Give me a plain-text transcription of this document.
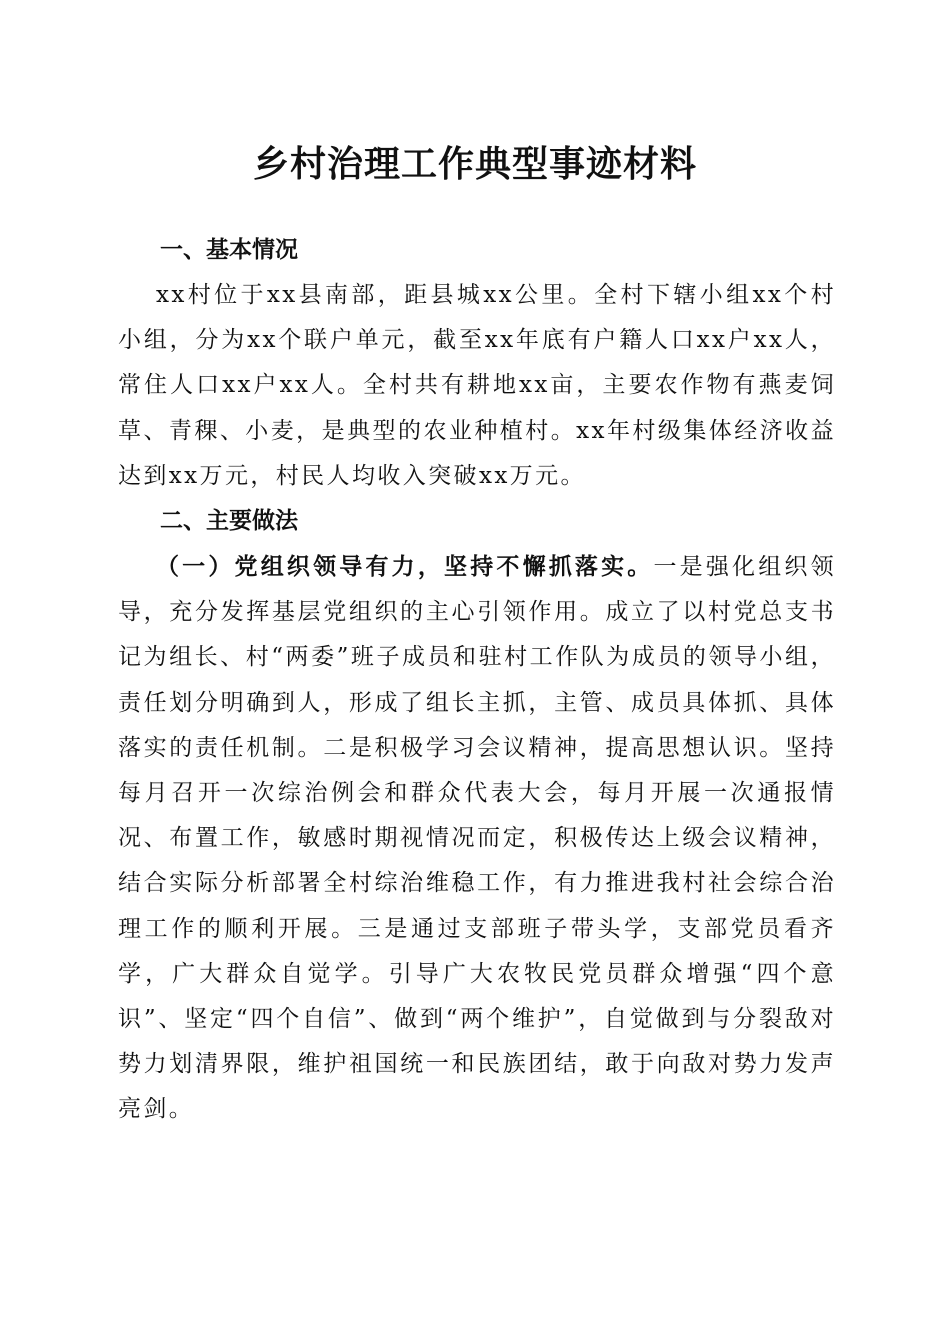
乡村治理工作典型事迹材料
一、基本情况

xx村位于xx县南部，距县城xx公里。全村下辖小组xx个村小组，分为xx个联户单元，截至xx年底有户籍人口xx户xx人，常住人口xx户xx人。全村共有耕地xx亩，主要农作物有燕麦饲草、青稞、小麦，是典型的农业种植村。xx年村级集体经济收益达到xx万元，村民人均收入突破xx万元。

二、主要做法

（一）党组织领导有力，坚持不懈抓落实。一是强化组织领导，充分发挥基层党组织的主心引领作用。成立了以村党总支书记为组长、村“两委”班子成员和驻村工作队为成员的领导小组，责任划分明确到人，形成了组长主抓，主管、成员具体抓、具体落实的责任机制。二是积极学习会议精神，提高思想认识。坚持每月召开一次综治例会和群众代表大会，每月开展一次通报情况、布置工作，敏感时期视情况而定，积极传达上级会议精神，结合实际分析部署全村综治维稳工作，有力推进我村社会综合治理工作的顺利开展。三是通过支部班子带头学，支部党员看齐学，广大群众自觉学。引导广大农牧民党员群众增强“四个意识”、坚定“四个自信”、做到“两个维护”，自觉做到与分裂敌对势力划清界限，维护祖国统一和民族团结，敢于向敌对势力发声亮剑。
